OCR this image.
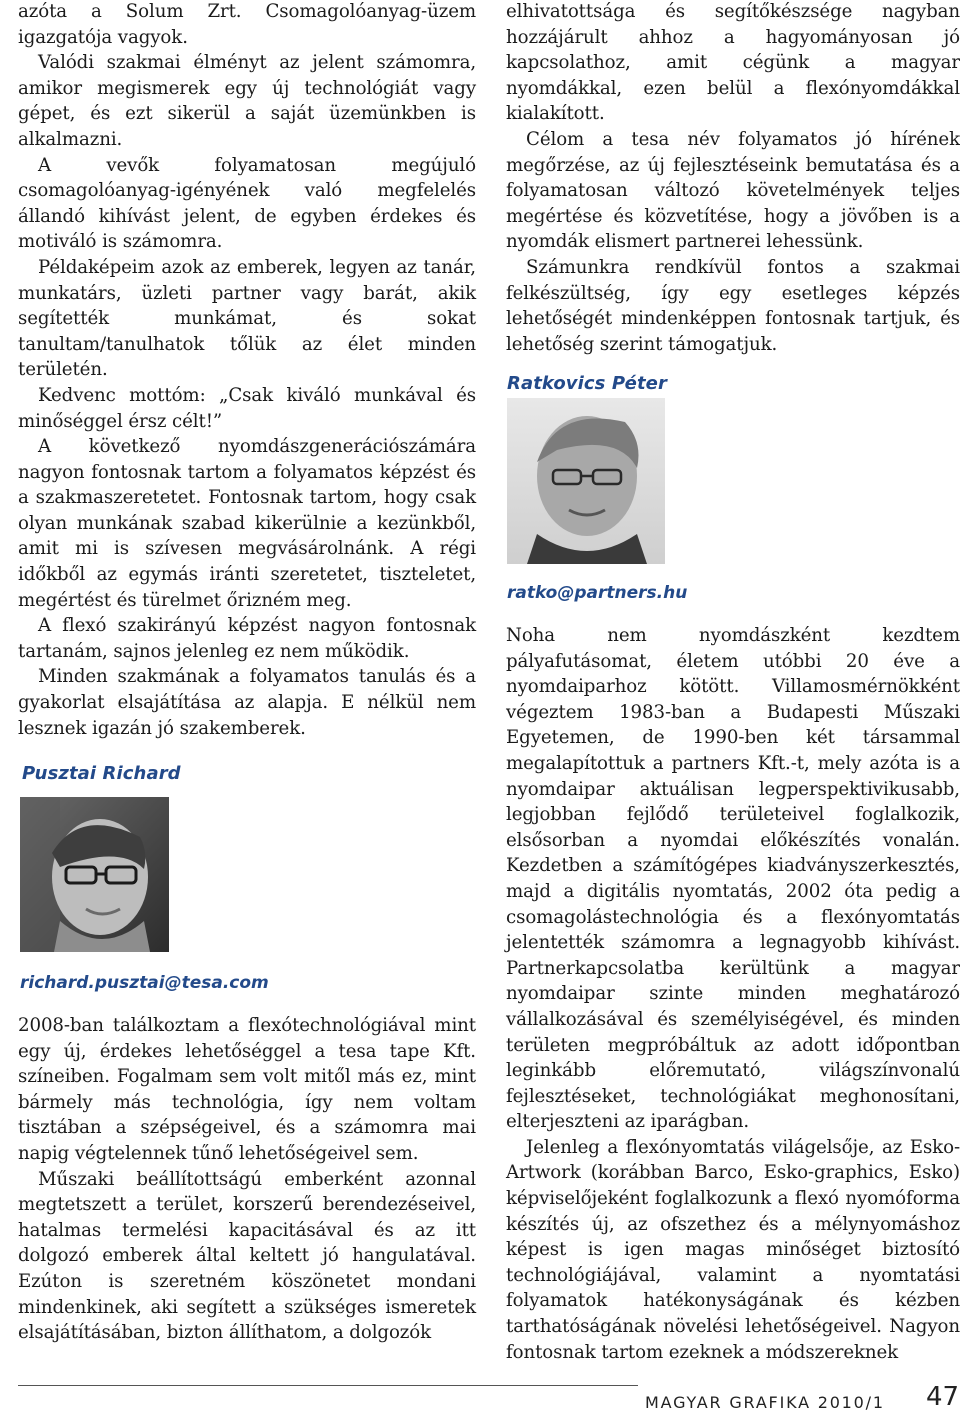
azóta a Solum Zrt. Csomagolóanyag-üzem igazgatója vagyok.

Valódi szakmai élményt az jelent számomra, amikor megismerek egy új technológiát vagy gépet, és ezt sikerül a saját üzemünkben is alkalmazni.

A vevők folyamatosan megújuló csomagolóanyag-igényének való megfelelés állandó kihívást jelent, de egyben érdekes és motiváló is számomra.

Példaképeim azok az emberek, legyen az tanár, munkatárs, üzleti partner vagy barát, akik segítették munkámat, és sokat tanultam/tanulhatok tőlük az élet minden területén.

Kedvenc mottóm: „Csak kiváló munkával és minőséggel érsz célt!”

A következő nyomdászgenerációszámára nagyon fontosnak tartom a folyamatos képzést és a szakmaszeretetet. Fontosnak tartom, hogy csak olyan munkának szabad kikerülnie a kezünkből, amit mi is szívesen megvásárolnánk. A régi időkből az egymás iránti szeretetet, tiszteletet, megértést és türelmet őrizném meg.

A flexó szakirányú képzést nagyon fontosnak tartanám, sajnos jelenleg ez nem működik.

Minden szakmának a folyamatos tanulás és a gyakorlat elsajátítása az alapja. E nélkül nem lesznek igazán jó szakemberek.

Pusztai Richard

richard.pusztai@tesa.com

2008-ban találkoztam a flexótechnológiával mint egy új, érdekes lehetőséggel a tesa tape Kft. színeiben. Fogalmam sem volt mitől más ez, mint bármely más technológia, így nem voltam tisztában a szépségeivel, és a számomra mai napig végtelennek tűnő lehetőségeivel sem.

Műszaki beállítottságú emberként azonnal megtetszett a terület, korszerű berendezéseivel, hatalmas termelési kapacitásával és az itt dolgozó emberek által keltett jó hangulatával. Ezúton is szeretném köszönetet mondani mindenkinek, aki segített a szükséges ismeretek elsajátításában, bizton állíthatom, a dolgozók

elhivatottsága és segítőkészsége nagyban hozzájárult ahhoz a hagyományosan jó kapcsolathoz, amit cégünk a magyar nyomdákkal, ezen belül a flexónyomdákkal kialakított.

Célom a tesa név folyamatos jó hírének megőrzése, az új fejlesztéseink bemutatása és a folyamatosan változó követelmények teljes megértése és közvetítése, hogy a jövőben is a nyomdák elismert partnerei lehessünk.

Számunkra rendkívül fontos a szakmai felkészültség, így egy esetleges képzés lehetőségét mindenképpen fontosnak tartjuk, és lehetőség szerint támogatjuk.

Ratkovics Péter

ratko@partners.hu

Noha nem nyomdászként kezdtem pályafutásomat, életem utóbbi 20 éve a nyomdaiparhoz kötött. Villamosmérnökként végeztem 1983-ban a Budapesti Műszaki Egyetemen, de 1990-ben két társammal megalapítottuk a partners Kft.-t, mely azóta is a nyomdaipar aktuálisan legperspektivikusabb, legjobban fejlődő területeivel foglalkozik, elsősorban a nyomdai előkészítés vonalán. Kezdetben a számítógépes kiadványszerkesztés, majd a digitális nyomtatás, 2002 óta pedig a csomagolástechnológia és a flexónyomtatás jelentették számomra a legnagyobb kihívást. Partnerkapcsolatba kerültünk a magyar nyomdaipar szinte minden meghatározó vállalkozásával és személyiségével, és minden területen megpróbáltuk az adott időpontban leginkább előremutató, világszínvonalú fejlesztéseket, technológiákat meghonosítani, elterjeszteni az iparágban.

Jelenleg a flexónyomtatás világelsője, az Esko-Artwork (korábban Barco, Esko-graphics, Esko) képviselőjeként foglalkozunk a flexó nyomóforma készítés új, az ofszethez és a mélynyomáshoz képest is igen magas minőséget biztosító technológiájával, valamint a nyomtatási folyamatok hatékonyságának és kézben tarthatóságának növelési lehetőségeivel. Nagyon fontosnak tartom ezeknek a módszereknek

MAGYAR GRAFIKA 2010/1 47
